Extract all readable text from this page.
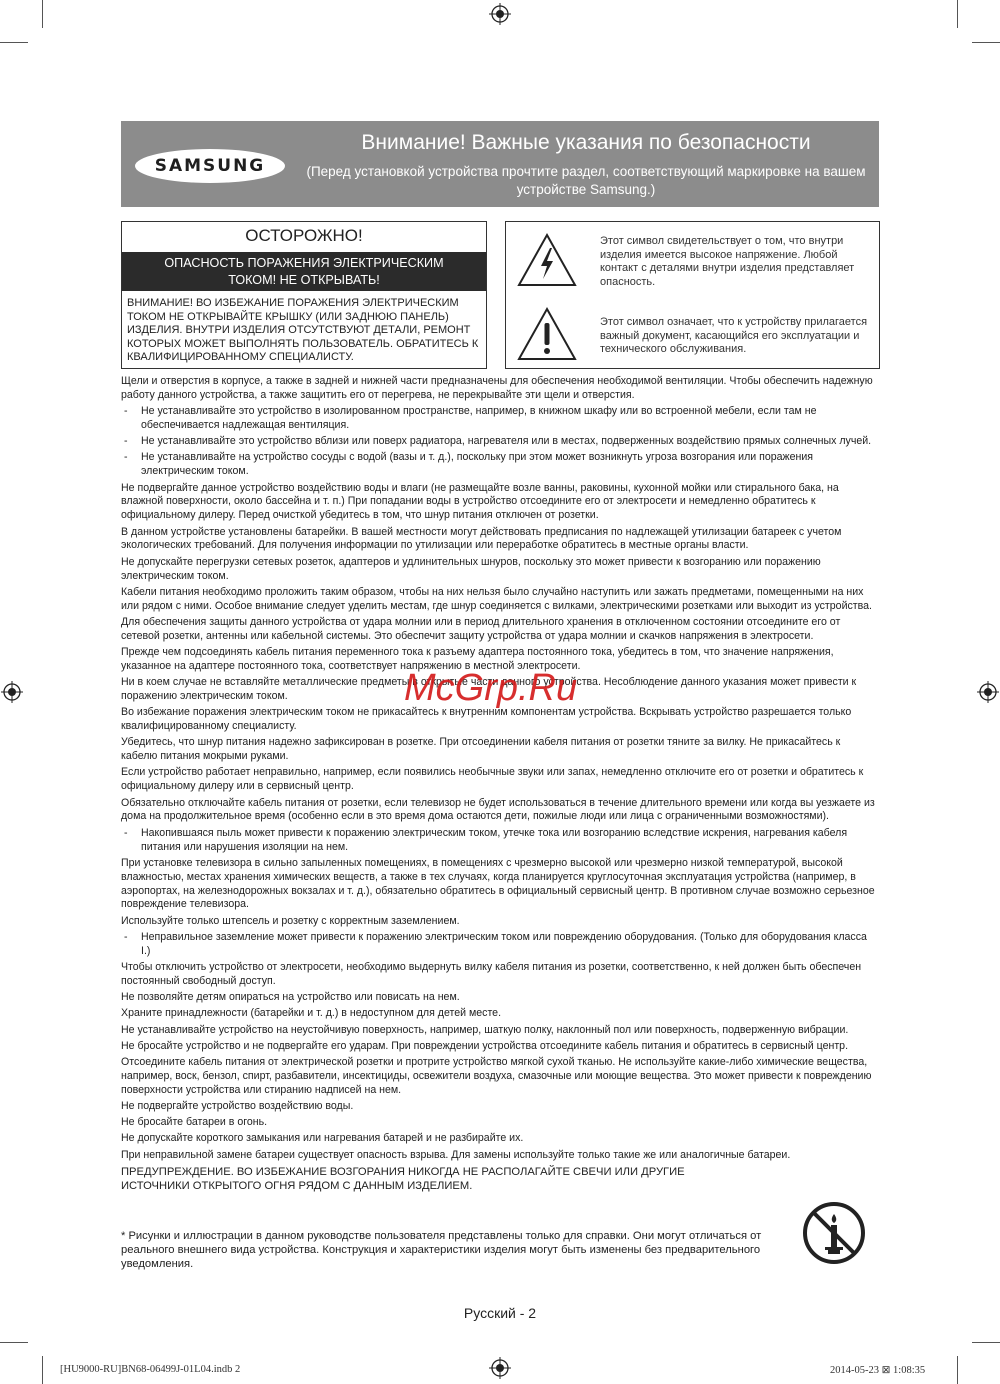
SAMSUNG
Внимание! Важные указания по безопасности
(Перед установкой устройства прочтите раздел, соответствующий маркировке на вашем устройстве Samsung.)
ОСТОРОЖНО!
ОПАСНОСТЬ ПОРАЖЕНИЯ ЭЛЕКТРИЧЕСКИМ
ТОКОМ! НЕ ОТКРЫВАТЬ!
ВНИМАНИЕ! ВО ИЗБЕЖАНИЕ ПОРАЖЕНИЯ ЭЛЕКТРИЧЕСКИМ ТОКОМ НЕ ОТКРЫВАЙТЕ КРЫШКУ (ИЛИ ЗАДНЮЮ ПАНЕЛЬ) ИЗДЕЛИЯ. ВНУТРИ ИЗДЕЛИЯ ОТСУТСТВУЮТ ДЕТАЛИ, РЕМОНТ КОТОРЫХ МОЖЕТ ВЫПОЛНЯТЬ ПОЛЬЗОВАТЕЛЬ. ОБРАТИТЕСЬ К КВАЛИФИЦИРОВАННОМУ СПЕЦИАЛИСТУ.
Этот символ свидетельствует о том, что внутри изделия имеется высокое напряжение. Любой контакт с деталями внутри изделия представляет опасность.
Этот символ означает, что к устройству прилагается важный документ, касающийся его эксплуатации и технического обслуживания.

Щели и отверстия в корпусе, а также в задней и нижней части предназначены для обеспечения необходимой вентиляции. Чтобы обеспечить надежную работу данного устройства, а также защитить его от перегрева, не перекрывайте эти щели и отверстия.

- Не устанавливайте это устройство в изолированном пространстве, например, в книжном шкафу или во встроенной мебели, если там не обеспечивается надлежащая вентиляция.

- Не устанавливайте это устройство вблизи или поверх радиатора, нагревателя или в местах, подверженных воздействию прямых солнечных лучей.

- Не устанавливайте на устройство сосуды с водой (вазы и т. д.), поскольку при этом может возникнуть угроза возгорания или поражения электрическим током.

Не подвергайте данное устройство воздействию воды и влаги (не размещайте возле ванны, раковины, кухонной мойки или стирального бака, на влажной поверхности, около бассейна и т. п.) При попадании воды в устройство отсоедините его от электросети и немедленно обратитесь к официальному дилеру. Перед очисткой убедитесь в том, что шнур питания отключен от розетки.

В данном устройстве установлены батарейки. В вашей местности могут действовать предписания по надлежащей утилизации батареек с учетом экологических требований. Для получения информации по утилизации или переработке обратитесь в местные органы власти.

Не допускайте перегрузки сетевых розеток, адаптеров и удлинительных шнуров, поскольку это может привести к возгоранию или поражению электрическим током.

Кабели питания необходимо проложить таким образом, чтобы на них нельзя было случайно наступить или зажать предметами, помещенными на них или рядом с ними. Особое внимание следует уделить местам, где шнур соединяется с вилками, электрическими розетками или выходит из устройства.

Для обеспечения защиты данного устройства от удара молнии или в период длительного хранения в отключенном состоянии отсоедините его от сетевой розетки, антенны или кабельной системы. Это обеспечит защиту устройства от удара молнии и скачков напряжения в электросети.

Прежде чем подсоединять кабель питания переменного тока к разъему адаптера постоянного тока, убедитесь в том, что значение напряжения, указанное на адаптере постоянного тока, соответствует напряжению в местной электросети.

Ни в коем случае не вставляйте металлические предметы в открытые части данного устройства. Несоблюдение данного указания может привести к поражению электрическим током.

Во избежание поражения электрическим током не прикасайтесь к внутренним компонентам устройства. Вскрывать устройство разрешается только квалифицированному специалисту.

Убедитесь, что шнур питания надежно зафиксирован в розетке. При отсоединении кабеля питания от розетки тяните за вилку. Не прикасайтесь к кабелю питания мокрыми руками.

Если устройство работает неправильно, например, если появились необычные звуки или запах, немедленно отключите его от розетки и обратитесь к официальному дилеру или в сервисный центр.

Обязательно отключайте кабель питания от розетки, если телевизор не будет использоваться в течение длительного времени или когда вы уезжаете из дома на продолжительное время (особенно если в это время дома остаются дети, пожилые люди или лица с ограниченными возможностями).

- Накопившаяся пыль может привести к поражению электрическим током, утечке тока или возгоранию вследствие искрения, нагревания кабеля питания или нарушения изоляции на нем.

При установке телевизора в сильно запыленных помещениях, в помещениях с чрезмерно высокой или чрезмерно низкой температурой, высокой влажностью, местах хранения химических веществ, а также в тех случаях, когда планируется круглосуточная эксплуатация устройства (например, в аэропортах, на железнодорожных вокзалах и т. д.), обязательно обратитесь в официальный сервисный центр. В противном случае возможно серьезное повреждение телевизора.

Используйте только штепсель и розетку с корректным заземлением.

- Неправильное заземление может привести к поражению электрическим током или повреждению оборудования. (Только для оборудования класса I.)

Чтобы отключить устройство от электросети, необходимо выдернуть вилку кабеля питания из розетки, соответственно, к ней должен быть обеспечен постоянный свободный доступ.

Не позволяйте детям опираться на устройство или повисать на нем.

Храните принадлежности (батарейки и т. д.) в недоступном для детей месте.

Не устанавливайте устройство на неустойчивую поверхность, например, шаткую полку, наклонный пол или поверхность, подверженную вибрации.

Не бросайте устройство и не подвергайте его ударам. При повреждении устройства отсоедините кабель питания и обратитесь в сервисный центр.

Отсоедините кабель питания от электрической розетки и протрите устройство мягкой сухой тканью. Не используйте какие-либо химические вещества, например, воск, бензол, спирт, разбавители, инсектициды, освежители воздуха, смазочные или моющие вещества. Это может привести к повреждению поверхности устройства или стиранию надписей на нем.

Не подвергайте устройство воздействию воды.

Не бросайте батареи в огонь.

Не допускайте короткого замыкания или нагревания батарей и не разбирайте их.

При неправильной замене батареи существует опасность взрыва. Для замены используйте только такие же или аналогичные батареи.

ПРЕДУПРЕЖДЕНИЕ. ВО ИЗБЕЖАНИЕ ВОЗГОРАНИЯ НИКОГДА НЕ РАСПОЛАГАЙТЕ СВЕЧИ ИЛИ ДРУГИЕ ИСТОЧНИКИ ОТКРЫТОГО ОГНЯ РЯДОМ С ДАННЫМ ИЗДЕЛИЕМ.

* Рисунки и иллюстрации в данном руководстве пользователя представлены только для справки. Они могут отличаться от реального внешнего вида устройства. Конструкция и характеристики изделия могут быть изменены без предварительного уведомления.
Русский - 2
McGrp.Ru
[HU9000-RU]BN68-06499J-01L04.indb 2	2014-05-23 ⊠ 1:08:35
